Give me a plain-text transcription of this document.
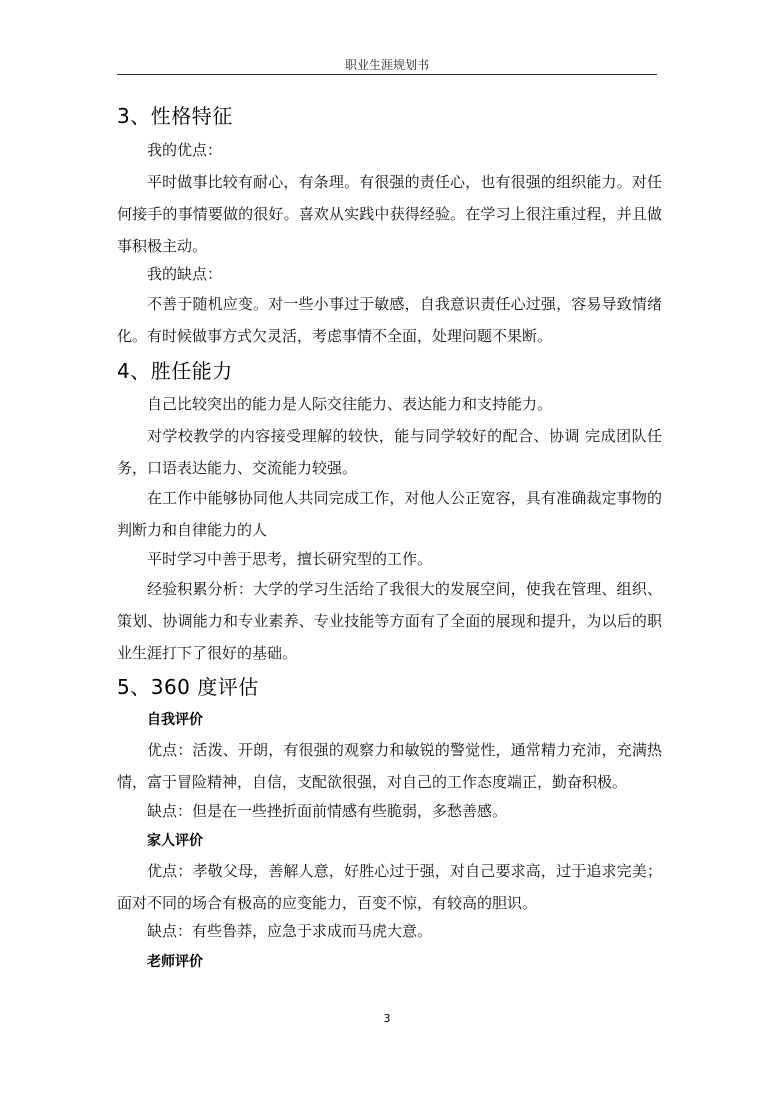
职业生涯规划书
3、性格特征

我的优点：

平时做事比较有耐心，有条理。有很强的责任心，也有很强的组织能力。对任何接手的事情要做的很好。喜欢从实践中获得经验。在学习上很注重过程，并且做事积极主动。

我的缺点：

不善于随机应变。对一些小事过于敏感，自我意识责任心过强，容易导致情绪化。有时候做事方式欠灵活，考虑事情不全面，处理问题不果断。

4、胜任能力

自己比较突出的能力是人际交往能力、表达能力和支持能力。

对学校教学的内容接受理解的较快，能与同学较好的配合、协调 完成团队任务，口语表达能力、交流能力较强。

在工作中能够协同他人共同完成工作，对他人公正宽容，具有准确裁定事物的判断力和自律能力的人

平时学习中善于思考，擅长研究型的工作。

经验积累分析：大学的学习生活给了我很大的发展空间，使我在管理、组织、策划、协调能力和专业素养、专业技能等方面有了全面的展现和提升，为以后的职业生涯打下了很好的基础。

5、360 度评估
自我评价

优点：活泼、开朗，有很强的观察力和敏锐的警觉性，通常精力充沛，充满热情，富于冒险精神，自信，支配欲很强，对自己的工作态度端正，勤奋积极。

缺点：但是在一些挫折面前情感有些脆弱，多愁善感。

家人评价

优点：孝敬父母，善解人意，好胜心过于强，对自己要求高，过于追求完美；面对不同的场合有极高的应变能力，百变不惊，有较高的胆识。

缺点：有些鲁莽，应急于求成而马虎大意。

老师评价
3
